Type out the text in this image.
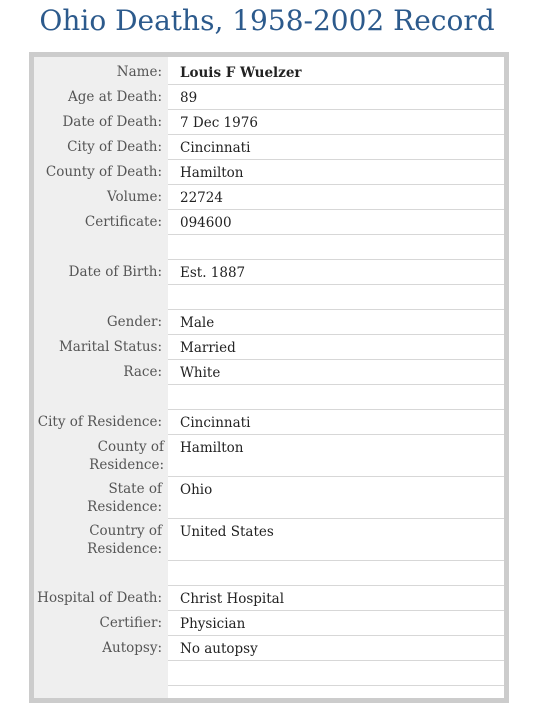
Ohio Deaths, 1958-2002 Record
Name:	Louis F Wuelzer
Age at Death:	89
Date of Death:	7 Dec 1976
City of Death:	Cincinnati
County of Death:	Hamilton
Volume:	22724
Certificate:	094600
Date of Birth:	Est. 1887
Gender:	Male
Marital Status:	Married
Race:	White
City of Residence:	Cincinnati
County of Residence:
Hamilton
State of Residence:
Ohio
Country of Residence:
United States
Hospital of Death:	Christ Hospital
Certifier:	Physician
Autopsy:	No autopsy
